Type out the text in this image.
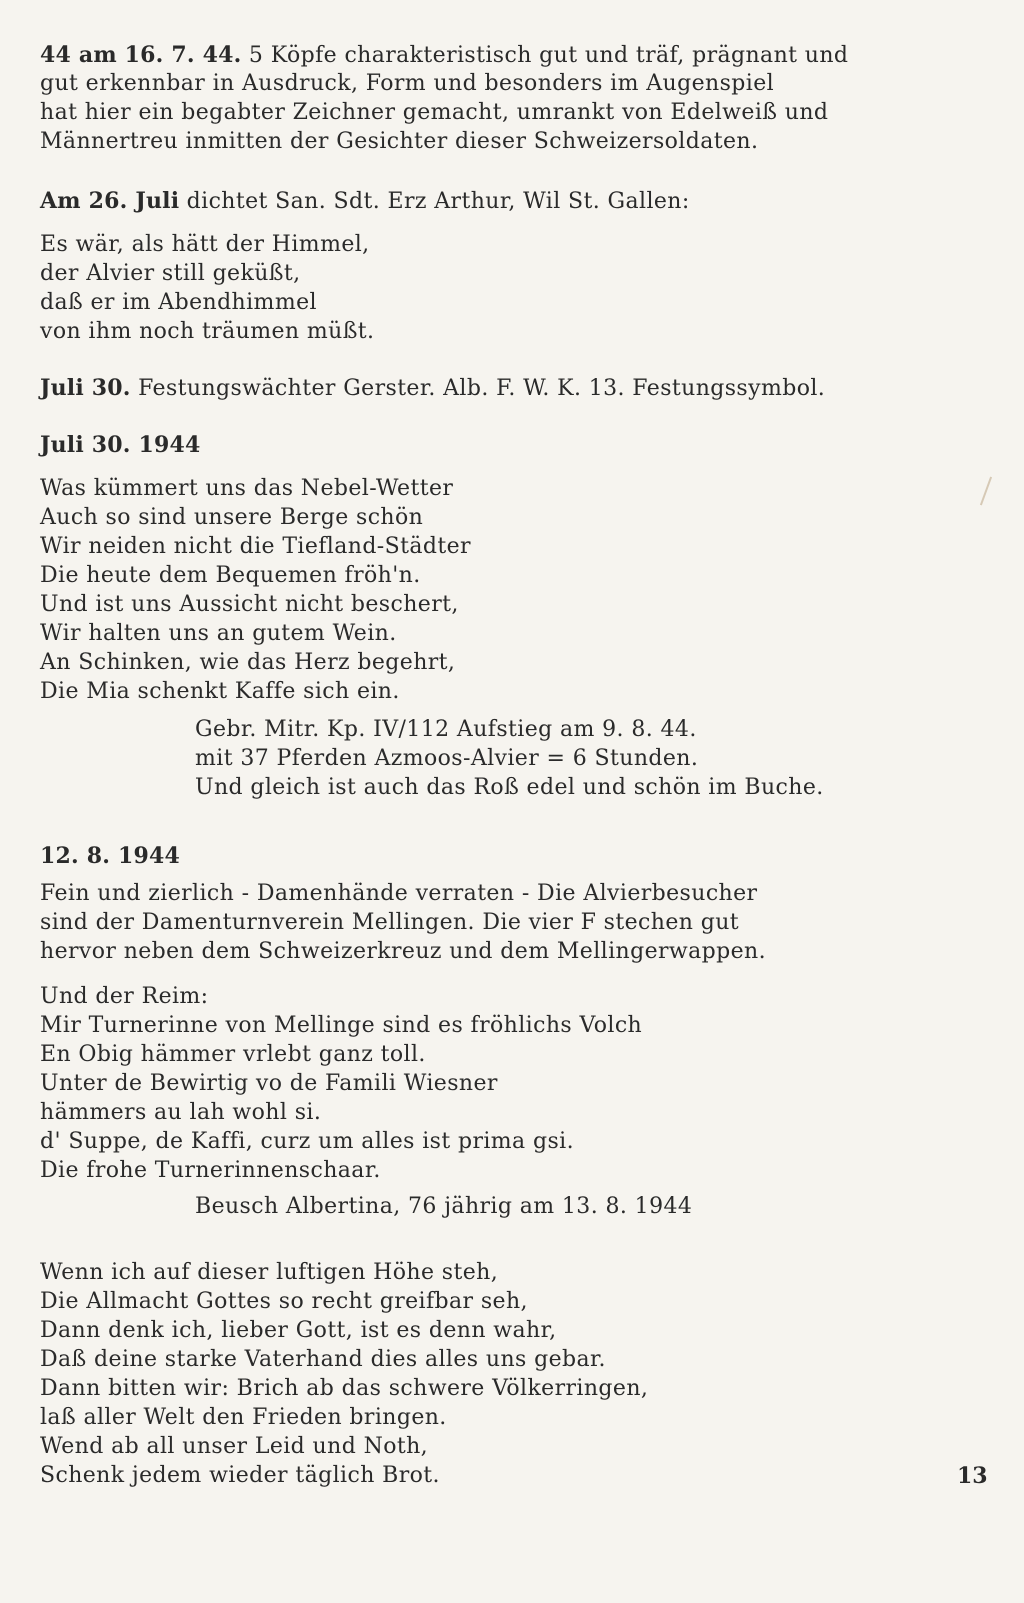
44 am 16. 7. 44. 5 Köpfe charakteristisch gut und träf, prägnant und
gut erkennbar in Ausdruck, Form und besonders im Augenspiel
hat hier ein begabter Zeichner gemacht, umrankt von Edelweiß und
Männertreu inmitten der Gesichter dieser Schweizersoldaten.
Am 26. Juli dichtet San. Sdt. Erz Arthur, Wil St. Gallen:
Es wär, als hätt der Himmel,
der Alvier still geküßt,
daß er im Abendhimmel
von ihm noch träumen müßt.
Juli 30. Festungswächter Gerster. Alb. F. W. K. 13. Festungssymbol.
Juli 30. 1944
Was kümmert uns das Nebel-Wetter
Auch so sind unsere Berge schön
Wir neiden nicht die Tiefland-Städter
Die heute dem Bequemen fröh'n.
Und ist uns Aussicht nicht beschert,
Wir halten uns an gutem Wein.
An Schinken, wie das Herz begehrt,
Die Mia schenkt Kaffe sich ein.
Gebr. Mitr. Kp. IV/112 Aufstieg am 9. 8. 44.
mit 37 Pferden Azmoos-Alvier = 6 Stunden.
Und gleich ist auch das Roß edel und schön im Buche.
12. 8. 1944
Fein und zierlich - Damenhände verraten - Die Alvierbesucher
sind der Damenturnverein Mellingen. Die vier F stechen gut
hervor neben dem Schweizerkreuz und dem Mellingerwappen.
Und der Reim:
Mir Turnerinne von Mellinge sind es fröhlichs Volch
En Obig hämmer vrlebt ganz toll.
Unter de Bewirtig vo de Famili Wiesner
hämmers au lah wohl si.
d' Suppe, de Kaffi, curz um alles ist prima gsi.
Die frohe Turnerinnenschaar.
Beusch Albertina, 76 jährig am 13. 8. 1944
Wenn ich auf dieser luftigen Höhe steh,
Die Allmacht Gottes so recht greifbar seh,
Dann denk ich, lieber Gott, ist es denn wahr,
Daß deine starke Vaterhand dies alles uns gebar.
Dann bitten wir: Brich ab das schwere Völkerringen,
laß aller Welt den Frieden bringen.
Wend ab all unser Leid und Noth,
Schenk jedem wieder täglich Brot.	13
